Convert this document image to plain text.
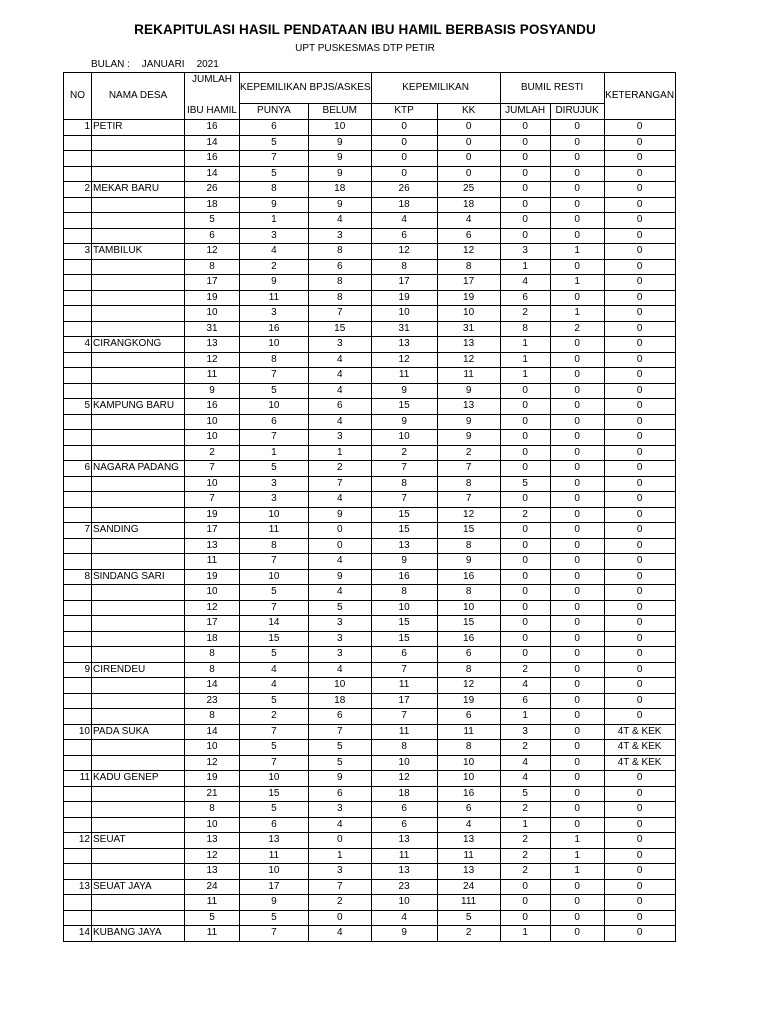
REKAPITULASI HASIL PENDATAAN IBU HAMIL BERBASIS POSYANDU
UPT PUSKESMAS DTP PETIR
BULAN : JANUARI 2021
NO	NAMA DESA	JUMLAH	KEPEMILIKAN BPJS/ASKES		KEPEMILIKAN		BUMIL RESTI		KETERANGAN
		IBU HAMIL	PUNYA	BELUM	KTP	KK	JUMLAH	DIRUJUK	
1	PETIR	16	6	10	0	0	0	0	0
		14	5	9	0	0	0	0	0
		16	7	9	0	0	0	0	0
		14	5	9	0	0	0	0	0
2	MEKAR BARU	26	8	18	26	25	0	0	0
		18	9	9	18	18	0	0	0
		5	1	4	4	4	0	0	0
		6	3	3	6	6	0	0	0
3	TAMBILUK	12	4	8	12	12	3	1	0
		8	2	6	8	8	1	0	0
		17	9	8	17	17	4	1	0
		19	11	8	19	19	6	0	0
		10	3	7	10	10	2	1	0
		31	16	15	31	31	8	2	0
4	CIRANGKONG	13	10	3	13	13	1	0	0
		12	8	4	12	12	1	0	0
		11	7	4	11	11	1	0	0
		9	5	4	9	9	0	0	0
5	KAMPUNG BARU	16	10	6	15	13	0	0	0
		10	6	4	9	9	0	0	0
		10	7	3	10	9	0	0	0
		2	1	1	2	2	0	0	0
6	NAGARA PADANG	7	5	2	7	7	0	0	0
		10	3	7	8	8	5	0	0
		7	3	4	7	7	0	0	0
		19	10	9	15	12	2	0	0
7	SANDING	17	11	0	15	15	0	0	0
		13	8	0	13	8	0	0	0
		11	7	4	9	9	0	0	0
8	SINDANG SARI	19	10	9	16	16	0	0	0
		10	5	4	8	8	0	0	0
		12	7	5	10	10	0	0	0
		17	14	3	15	15	0	0	0
		18	15	3	15	16	0	0	0
		8	5	3	6	6	0	0	0
9	CIRENDEU	8	4	4	7	8	2	0	0
		14	4	10	11	12	4	0	0
		23	5	18	17	19	6	0	0
		8	2	6	7	6	1	0	0
10	PADA SUKA	14	7	7	11	11	3	0	4T & KEK
		10	5	5	8	8	2	0	4T & KEK
		12	7	5	10	10	4	0	4T & KEK
11	KADU GENEP	19	10	9	12	10	4	0	0
		21	15	6	18	16	5	0	0
		8	5	3	6	6	2	0	0
		10	6	4	6	4	1	0	0
12	SEUAT	13	13	0	13	13	2	1	0
		12	11	1	11	11	2	1	0
		13	10	3	13	13	2	1	0
13	SEUAT JAYA	24	17	7	23	24	0	0	0
		11	9	2	10	111	0	0	0
		5	5	0	4	5	0	0	0
14	KUBANG JAYA	11	7	4	9	2	1	0	0
